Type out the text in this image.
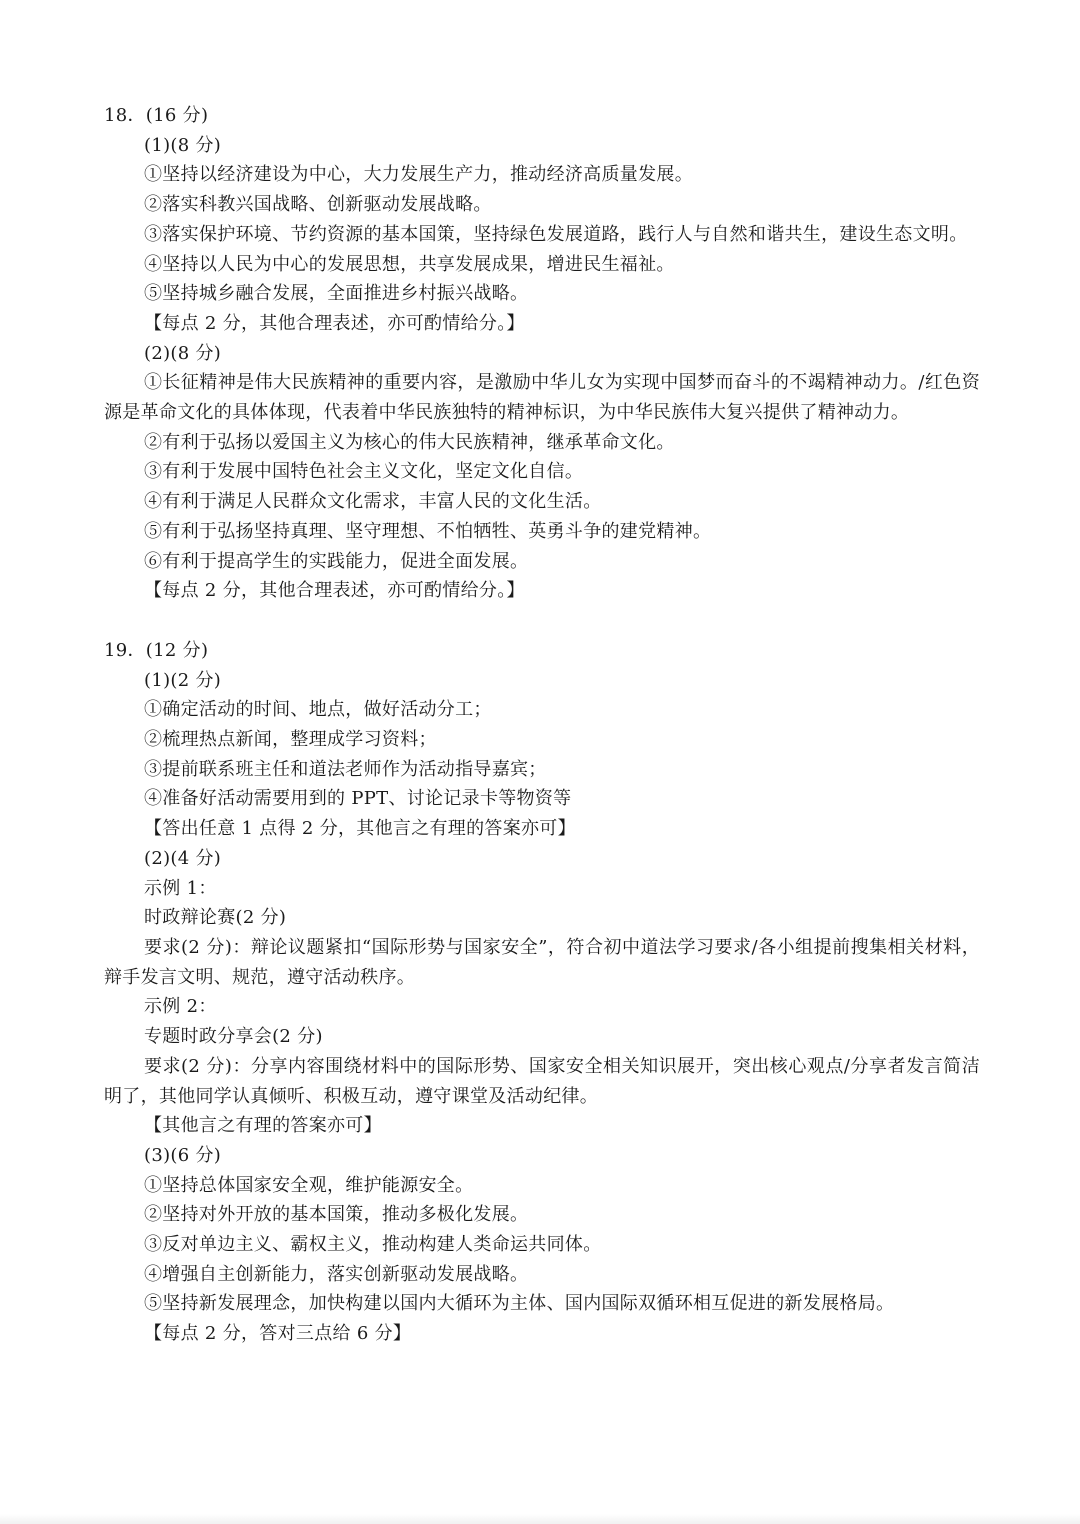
18．(16 分)
(1)(8 分)
①坚持以经济建设为中心，大力发展生产力，推动经济高质量发展。
②落实科教兴国战略、创新驱动发展战略。
③落实保护环境、节约资源的基本国策，坚持绿色发展道路，践行人与自然和谐共生，建设生态文明。
④坚持以人民为中心的发展思想，共享发展成果，增进民生福祉。
⑤坚持城乡融合发展，全面推进乡村振兴战略。
【每点 2 分，其他合理表述，亦可酌情给分。】
(2)(8 分)
①长征精神是伟大民族精神的重要内容，是激励中华儿女为实现中国梦而奋斗的不竭精神动力。/红色资源是革命文化的具体体现，代表着中华民族独特的精神标识，为中华民族伟大复兴提供了精神动力。
②有利于弘扬以爱国主义为核心的伟大民族精神，继承革命文化。
③有利于发展中国特色社会主义文化，坚定文化自信。
④有利于满足人民群众文化需求，丰富人民的文化生活。
⑤有利于弘扬坚持真理、坚守理想、不怕牺牲、英勇斗争的建党精神。
⑥有利于提高学生的实践能力，促进全面发展。
【每点 2 分，其他合理表述，亦可酌情给分。】
19．(12 分)
(1)(2 分)
①确定活动的时间、地点，做好活动分工；
②梳理热点新闻，整理成学习资料；
③提前联系班主任和道法老师作为活动指导嘉宾；
④准备好活动需要用到的 PPT、讨论记录卡等物资等
【答出任意 1 点得 2 分，其他言之有理的答案亦可】
(2)(4 分)
示例 1：
时政辩论赛(2 分)
要求(2 分)：辩论议题紧扣“国际形势与国家安全”，符合初中道法学习要求/各小组提前搜集相关材料，辩手发言文明、规范，遵守活动秩序。
示例 2：
专题时政分享会(2 分)
要求(2 分)：分享内容围绕材料中的国际形势、国家安全相关知识展开，突出核心观点/分享者发言简洁明了，其他同学认真倾听、积极互动，遵守课堂及活动纪律。
【其他言之有理的答案亦可】
(3)(6 分)
①坚持总体国家安全观，维护能源安全。
②坚持对外开放的基本国策，推动多极化发展。
③反对单边主义、霸权主义，推动构建人类命运共同体。
④增强自主创新能力，落实创新驱动发展战略。
⑤坚持新发展理念，加快构建以国内大循环为主体、国内国际双循环相互促进的新发展格局。
【每点 2 分，答对三点给 6 分】
